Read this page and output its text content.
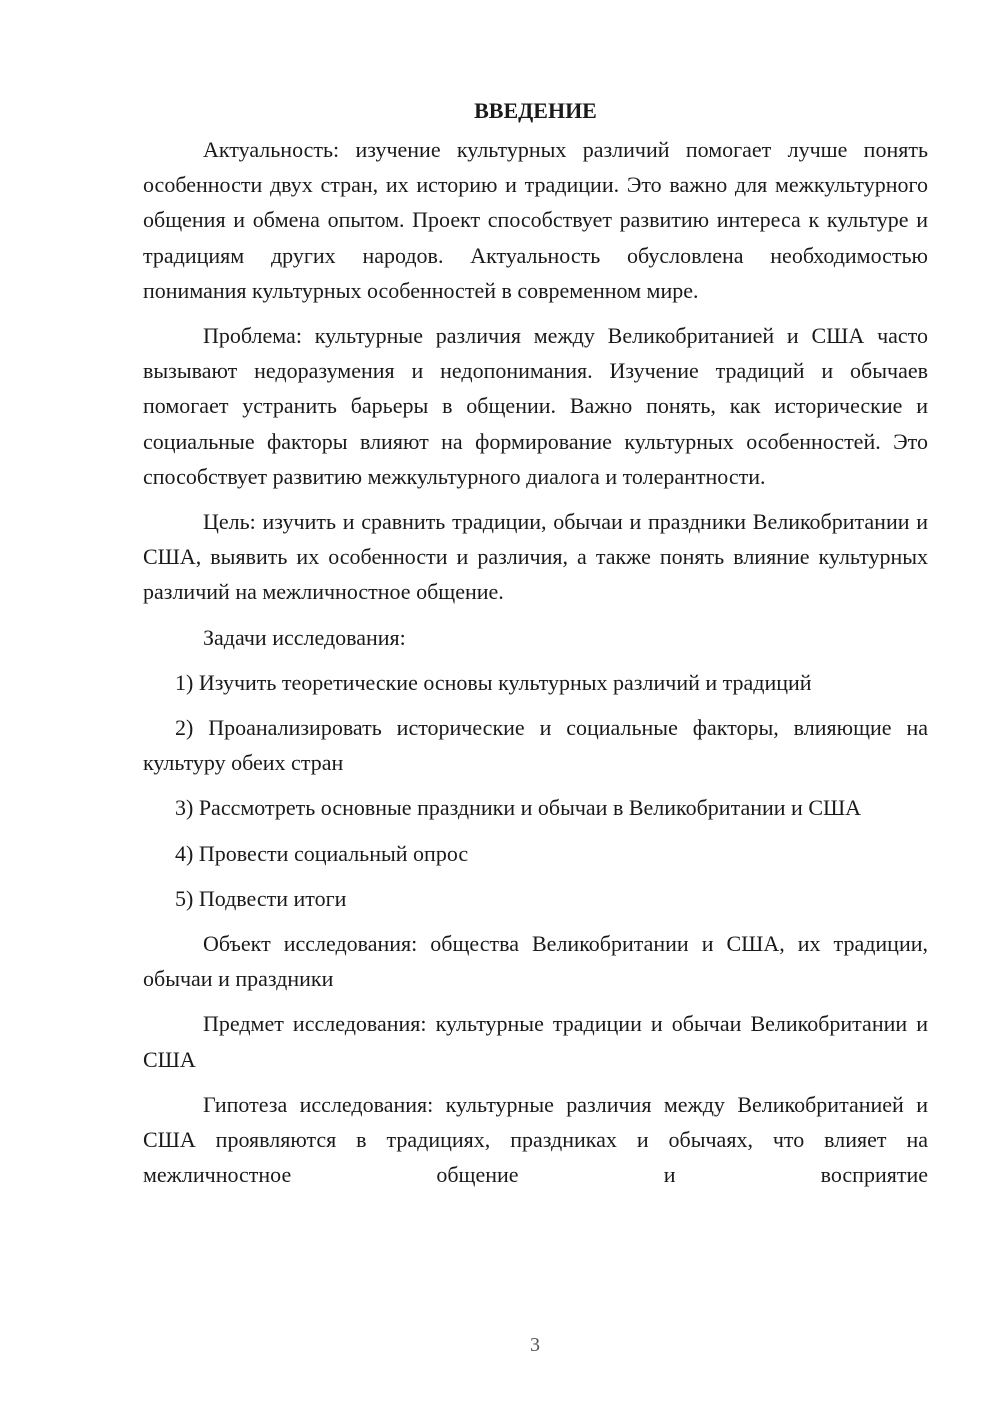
ВВЕДЕНИЕ

Актуальность: изучение культурных различий помогает лучше понять особенности двух стран, их историю и традиции. Это важно для межкультурного общения и обмена опытом. Проект способствует развитию интереса к культуре и традициям других народов. Актуальность обусловлена необходимостью понимания культурных особенностей в современном мире.

Проблема: культурные различия между Великобританией и США часто вызывают недоразумения и недопонимания. Изучение традиций и обычаев помогает устранить барьеры в общении. Важно понять, как исторические и социальные факторы влияют на формирование культурных особенностей. Это способствует развитию межкультурного диалога и толерантности.

Цель: изучить и сравнить традиции, обычаи и праздники Великобритании и США, выявить их особенности и различия, а также понять влияние культурных различий на межличностное общение.

Задачи исследования:

1) Изучить теоретические основы культурных различий и традиций

2) Проанализировать исторические и социальные факторы, влияющие на культуру обеих стран

3) Рассмотреть основные праздники и обычаи в Великобритании и США

4) Провести социальный опрос

5) Подвести итоги

Объект исследования: общества Великобритании и США, их традиции, обычаи и праздники

Предмет исследования: культурные традиции и обычаи Великобритании и США

Гипотеза исследования: культурные различия между Великобританией и США проявляются в традициях, праздниках и обычаях, что влияет на межличностное общение и восприятие

3
